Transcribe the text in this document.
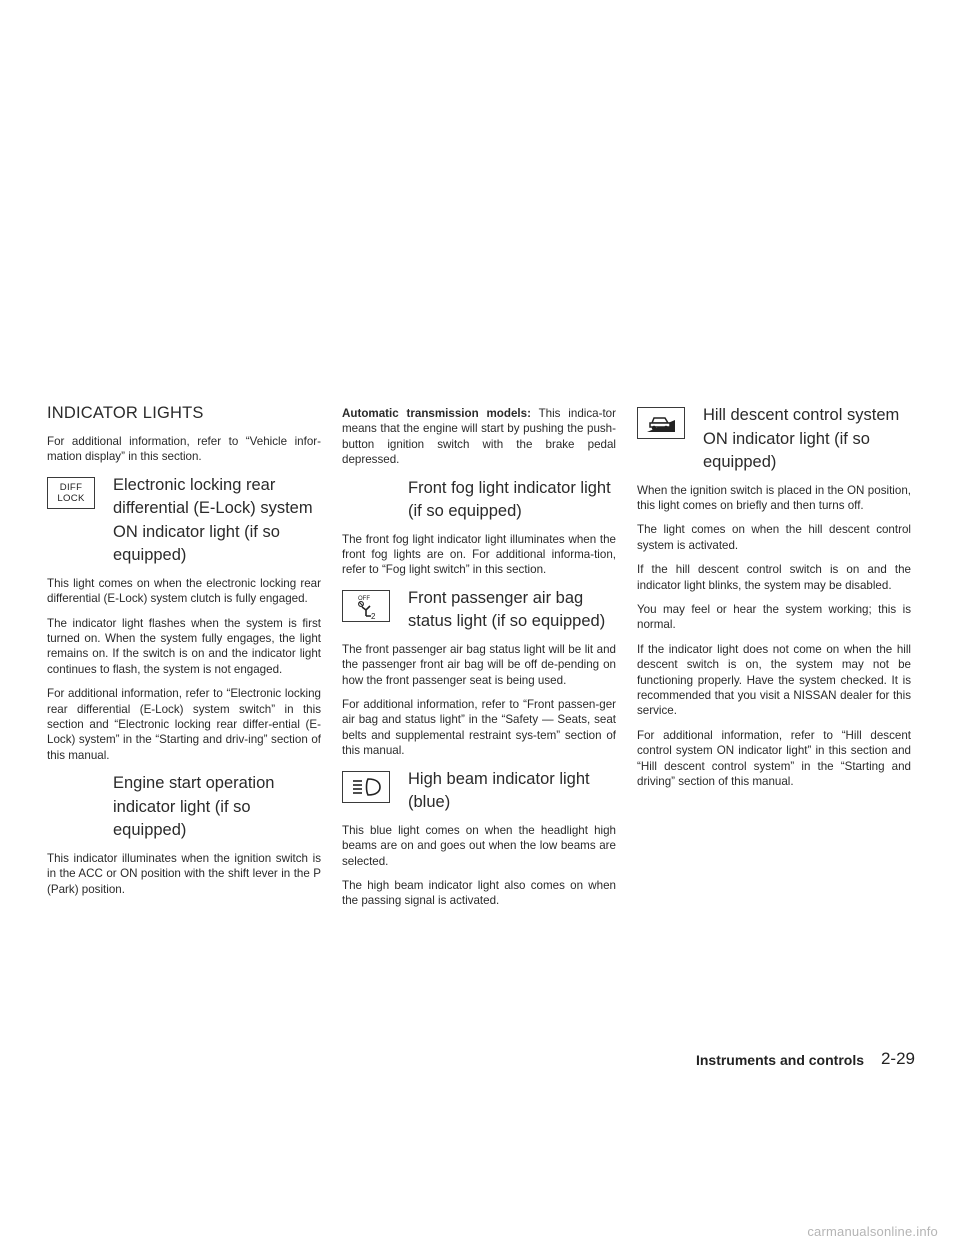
INDICATOR LIGHTS

For additional information, refer to “Vehicle infor-mation display” in this section.

DIFF
LOCK
Electronic locking rear differential (E-Lock) system ON indicator light (if so equipped)

This light comes on when the electronic locking rear differential (E-Lock) system clutch is fully engaged.

The indicator light flashes when the system is first turned on. When the system fully engages, the light remains on. If the switch is on and the indicator light continues to flash, the system is not engaged.

For additional information, refer to “Electronic locking rear differential (E-Lock) system switch” in this section and “Electronic locking rear differ-ential (E-Lock) system” in the “Starting and driv-ing” section of this manual.

Engine start operation indicator light (if so equipped)

This indicator illuminates when the ignition switch is in the ACC or ON position with the shift lever in the P (Park) position.

Automatic transmission models: This indica-tor means that the engine will start by pushing the push-button ignition switch with the brake pedal depressed.

Front fog light indicator light (if so equipped)

The front fog light indicator light illuminates when the front fog lights are on. For additional informa-tion, refer to “Fog light switch” in this section.

OFF
2
Front passenger air bag status light (if so equipped)

The front passenger air bag status light will be lit and the passenger front air bag will be off de-pending on how the front passenger seat is being used.

For additional information, refer to “Front passen-ger air bag and status light” in the “Safety — Seats, seat belts and supplemental restraint sys-tem” section of this manual.

High beam indicator light (blue)

This blue light comes on when the headlight high beams are on and goes out when the low beams are selected.

The high beam indicator light also comes on when the passing signal is activated.

Hill descent control system ON indicator light (if so equipped)

When the ignition switch is placed in the ON position, this light comes on briefly and then turns off.

The light comes on when the hill descent control system is activated.

If the hill descent control switch is on and the indicator light blinks, the system may be disabled.

You may feel or hear the system working; this is normal.

If the indicator light does not come on when the hill descent switch is on, the system may not be functioning properly. Have the system checked. It is recommended that you visit a NISSAN dealer for this service.

For additional information, refer to “Hill descent control system ON indicator light” in this section and “Hill descent control system” in the “Starting and driving” section of this manual.

Instruments and controls 2-29
carmanualsonline.info
